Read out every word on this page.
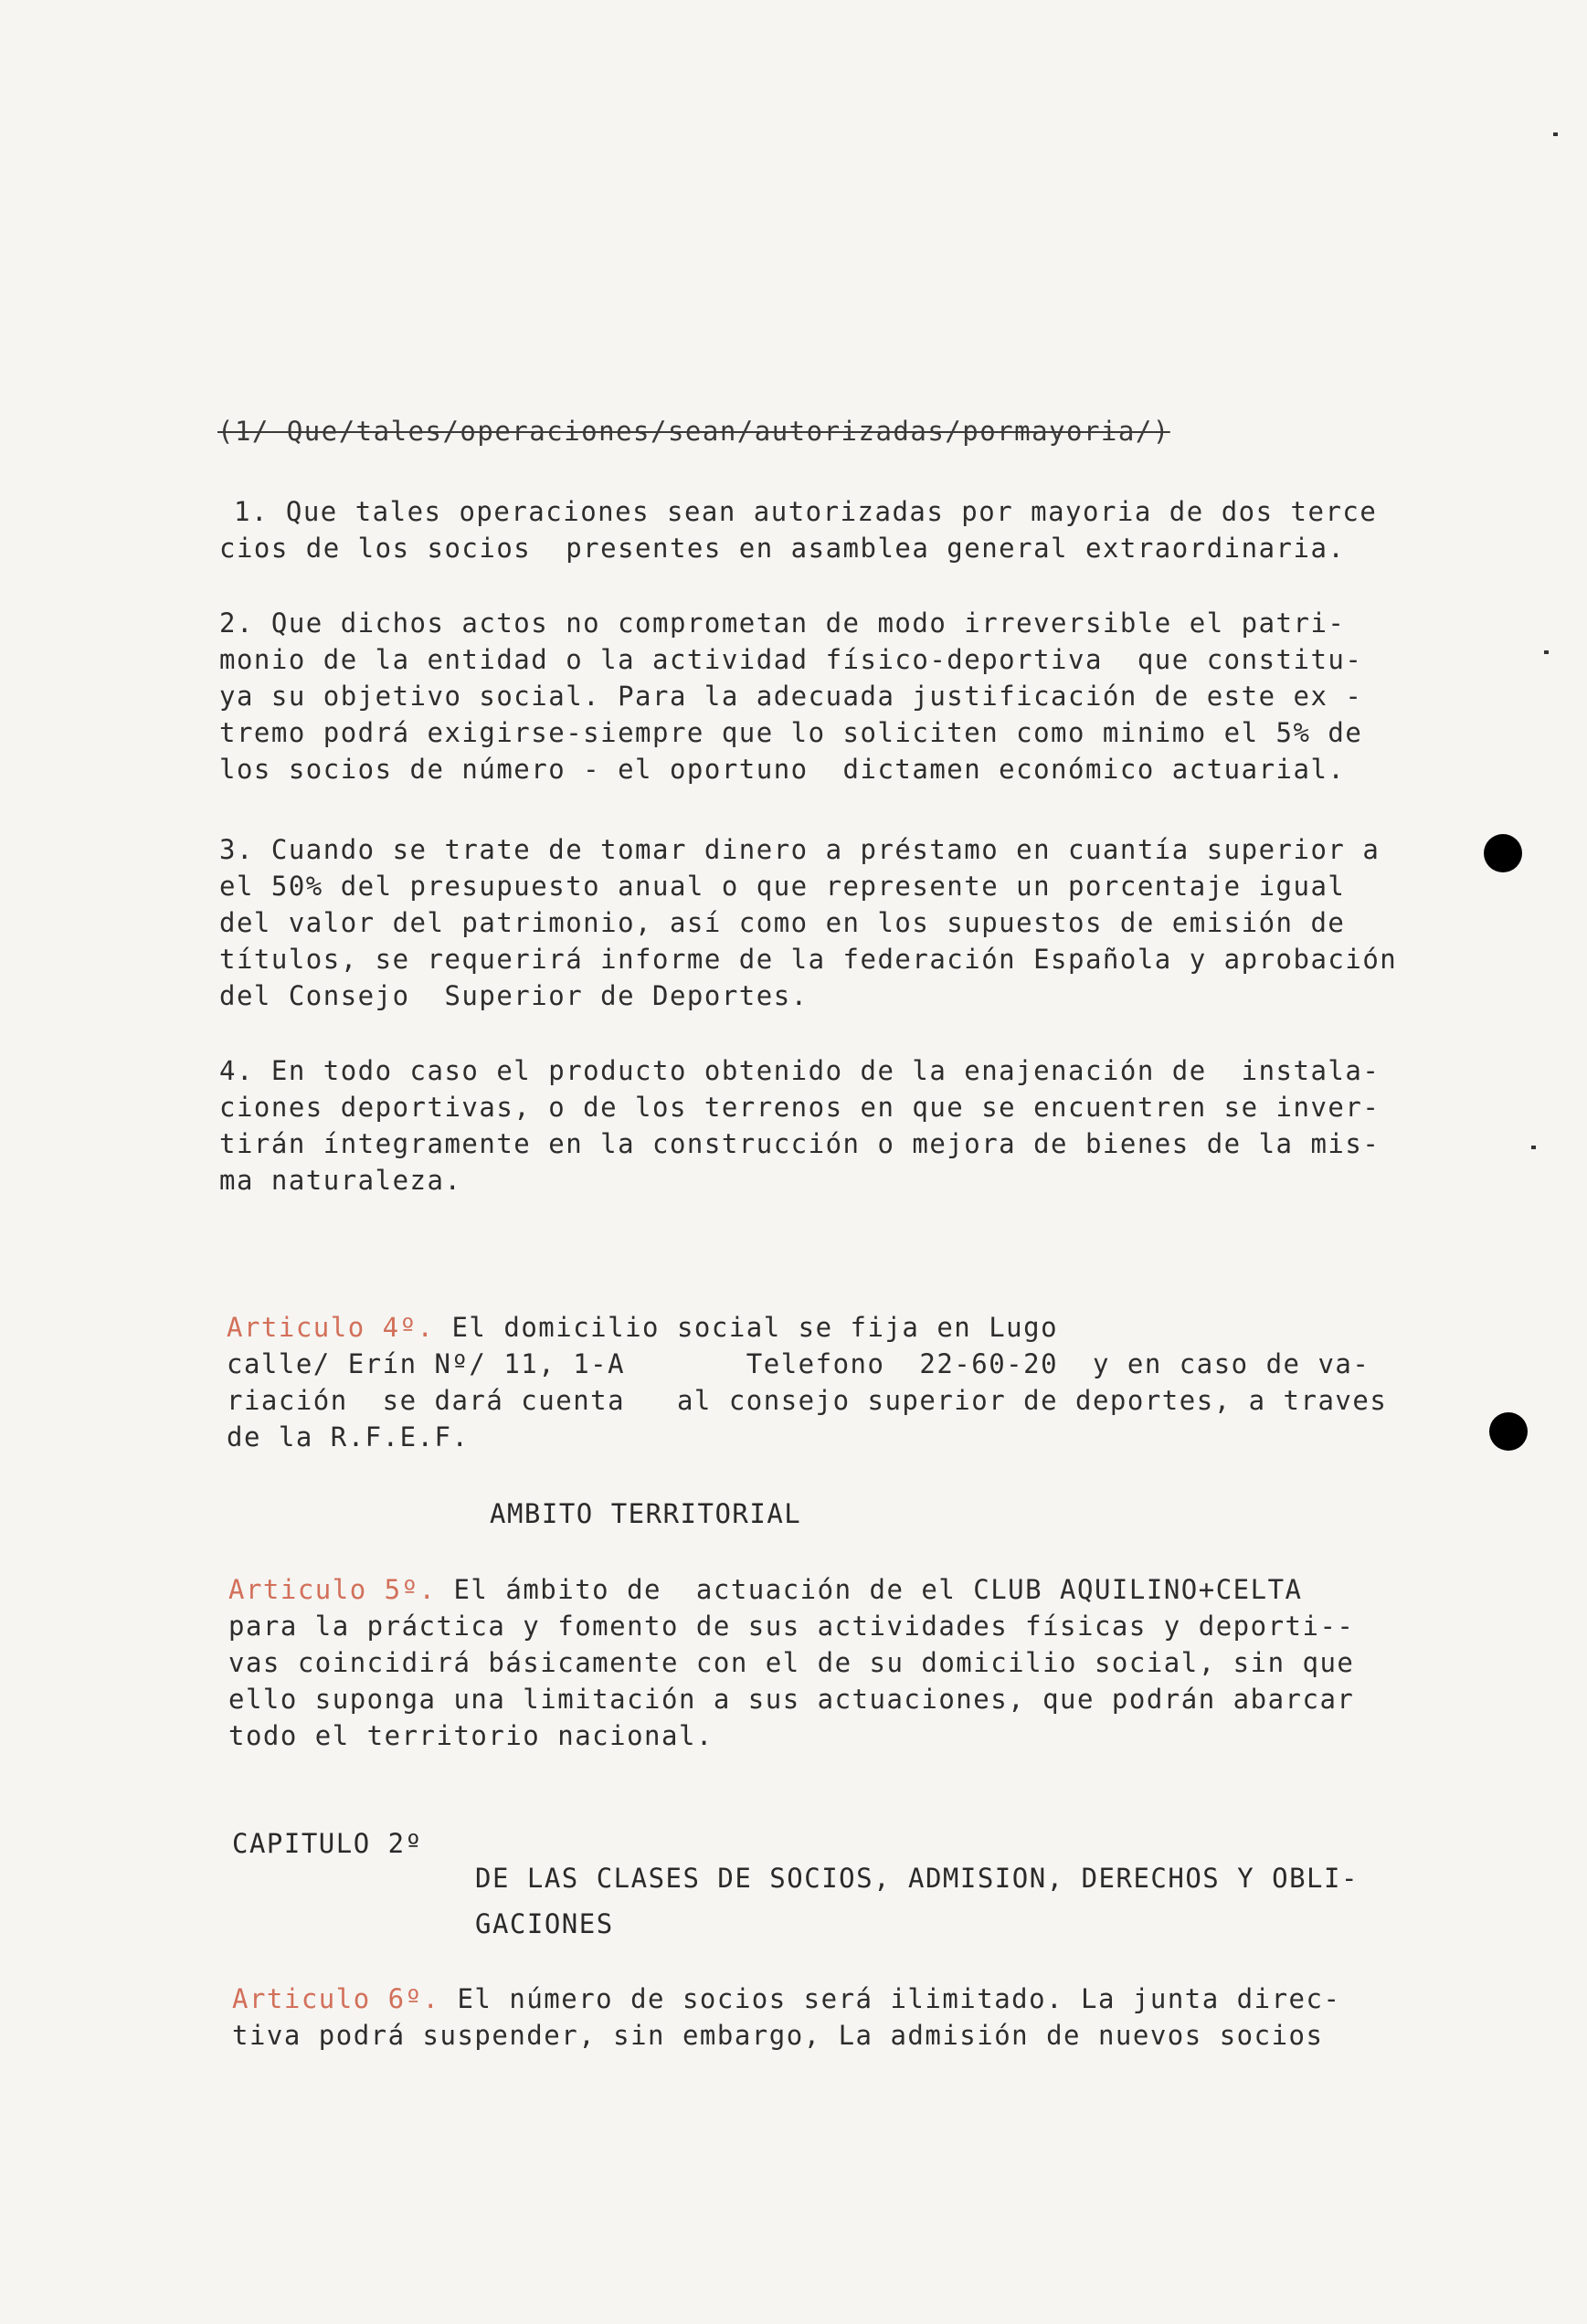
(1/ Que/tales/operaciones/sean/autorizadas/pormayoria/)
1. Que tales operaciones sean autorizadas por mayoria de dos terce
cios de los socios  presentes en asamblea general extraordinaria.
2. Que dichos actos no comprometan de modo irreversible el patri-
monio de la entidad o la actividad físico-deportiva  que constitu-
ya su objetivo social. Para la adecuada justificación de este ex -
tremo podrá exigirse-siempre que lo soliciten como minimo el 5% de
los socios de número - el oportuno  dictamen económico actuarial.
3. Cuando se trate de tomar dinero a préstamo en cuantía superior a
el 50% del presupuesto anual o que represente un porcentaje igual
del valor del patrimonio, así como en los supuestos de emisión de
títulos, se requerirá informe de la federación Española y aprobación
del Consejo  Superior de Deportes.
4. En todo caso el producto obtenido de la enajenación de  instala-
ciones deportivas, o de los terrenos en que se encuentren se inver-
tirán íntegramente en la construcción o mejora de bienes de la mis-
ma naturaleza.
Articulo 4º. El domicilio social se fija en Lugo
calle/ Erín Nº/ 11, 1-A       Telefono  22-60-20  y en caso de va-
riación  se dará cuenta   al consejo superior de deportes, a traves
de la R.F.E.F.
AMBITO TERRITORIAL
Articulo 5º. El ámbito de  actuación de el CLUB AQUILINO+CELTA
para la práctica y fomento de sus actividades físicas y deporti--
vas coincidirá básicamente con el de su domicilio social, sin que
ello suponga una limitación a sus actuaciones, que podrán abarcar
todo el territorio nacional.
CAPITULO 2º
DE LAS CLASES DE SOCIOS, ADMISION, DERECHOS Y OBLI-
GACIONES
Articulo 6º. El número de socios será ilimitado. La junta direc-
tiva podrá suspender, sin embargo, La admisión de nuevos socios
